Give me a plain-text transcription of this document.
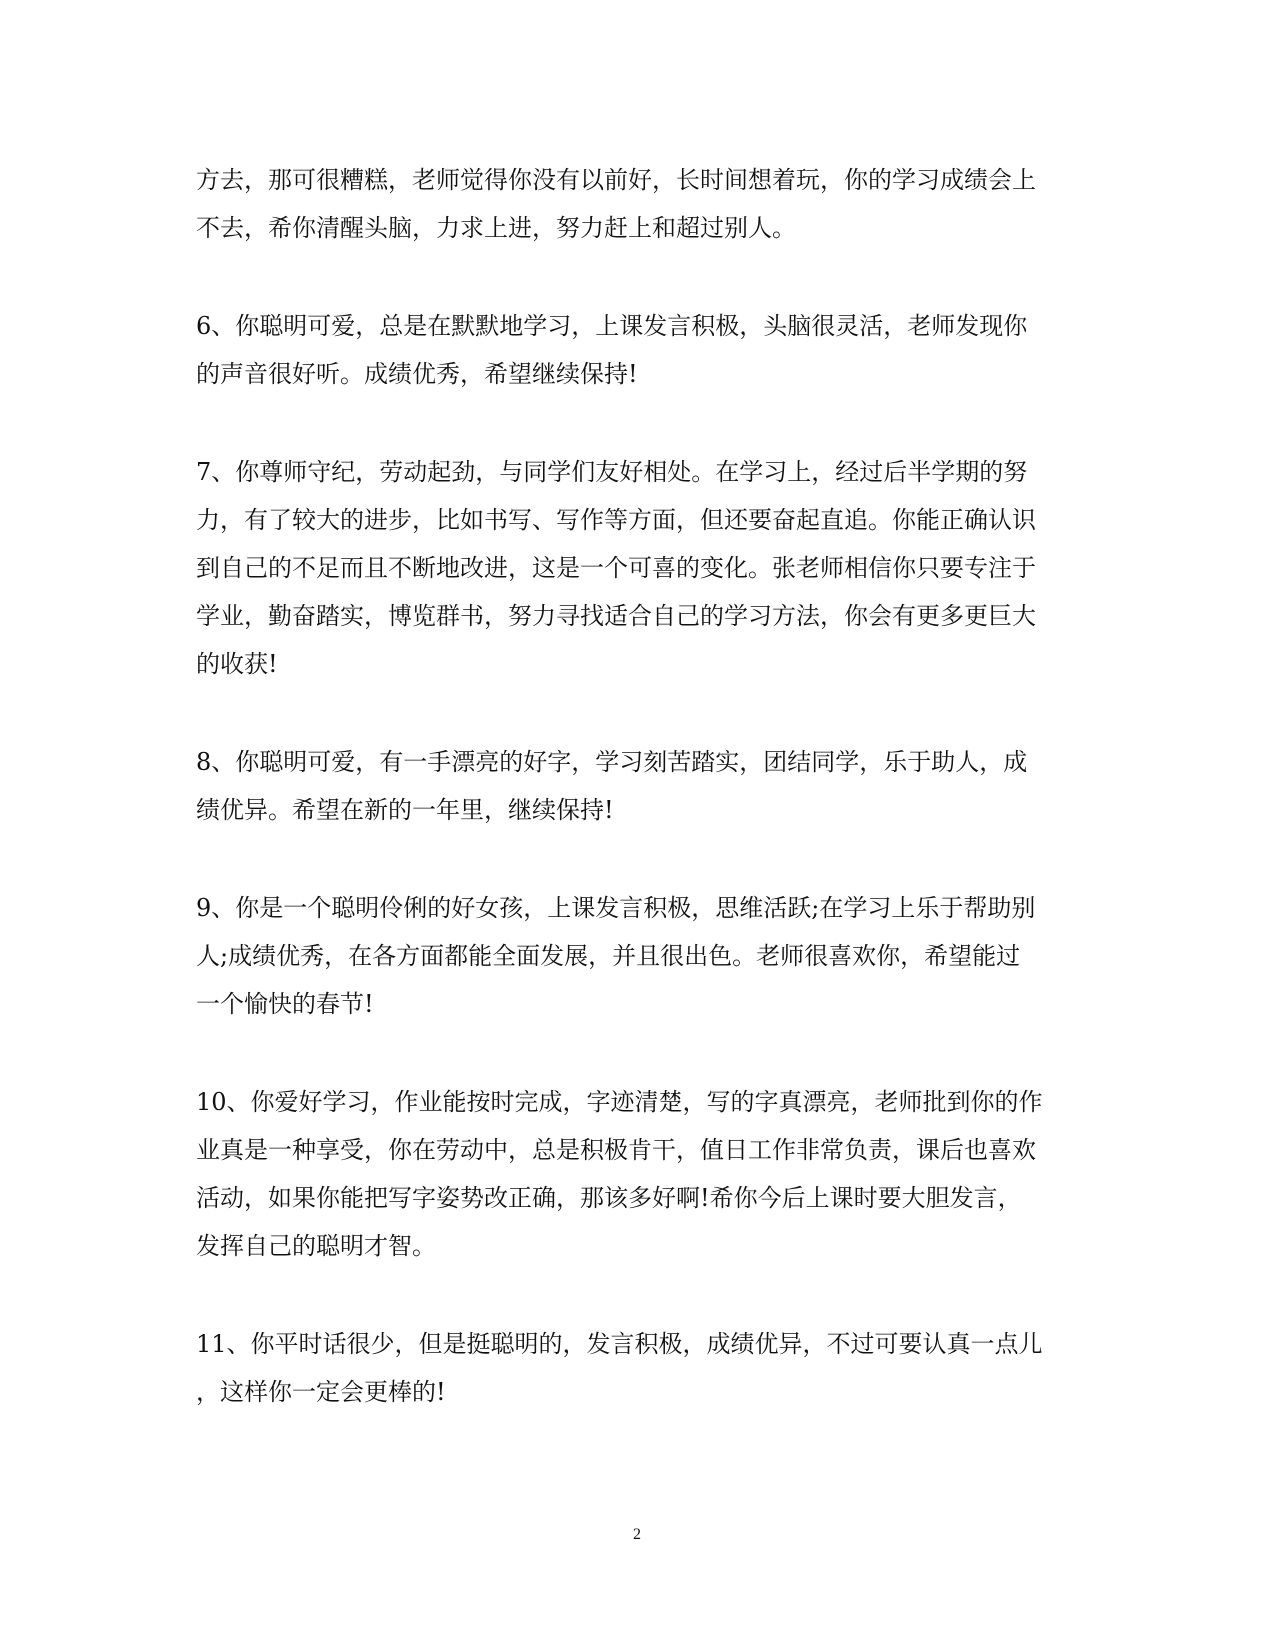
方去，那可很糟糕，老师觉得你没有以前好，长时间想着玩，你的学习成绩会上
不去，希你清醒头脑，力求上进，努力赶上和超过别人。

6、你聪明可爱，总是在默默地学习，上课发言积极，头脑很灵活，老师发现你
的声音很好听。成绩优秀，希望继续保持!

7、你尊师守纪，劳动起劲，与同学们友好相处。在学习上，经过后半学期的努
力，有了较大的进步，比如书写、写作等方面，但还要奋起直追。你能正确认识
到自己的不足而且不断地改进，这是一个可喜的变化。张老师相信你只要专注于
学业，勤奋踏实，博览群书，努力寻找适合自己的学习方法，你会有更多更巨大
的收获!

8、你聪明可爱，有一手漂亮的好字，学习刻苦踏实，团结同学，乐于助人，成
绩优异。希望在新的一年里，继续保持!

9、你是一个聪明伶俐的好女孩，上课发言积极，思维活跃;在学习上乐于帮助别
人;成绩优秀，在各方面都能全面发展，并且很出色。老师很喜欢你，希望能过
一个愉快的春节!

10、你爱好学习，作业能按时完成，字迹清楚，写的字真漂亮，老师批到你的作
业真是一种享受，你在劳动中，总是积极肯干，值日工作非常负责，课后也喜欢
活动，如果你能把写字姿势改正确，那该多好啊!希你今后上课时要大胆发言，
发挥自己的聪明才智。

11、你平时话很少，但是挺聪明的，发言积极，成绩优异，不过可要认真一点儿
，这样你一定会更棒的!

2
